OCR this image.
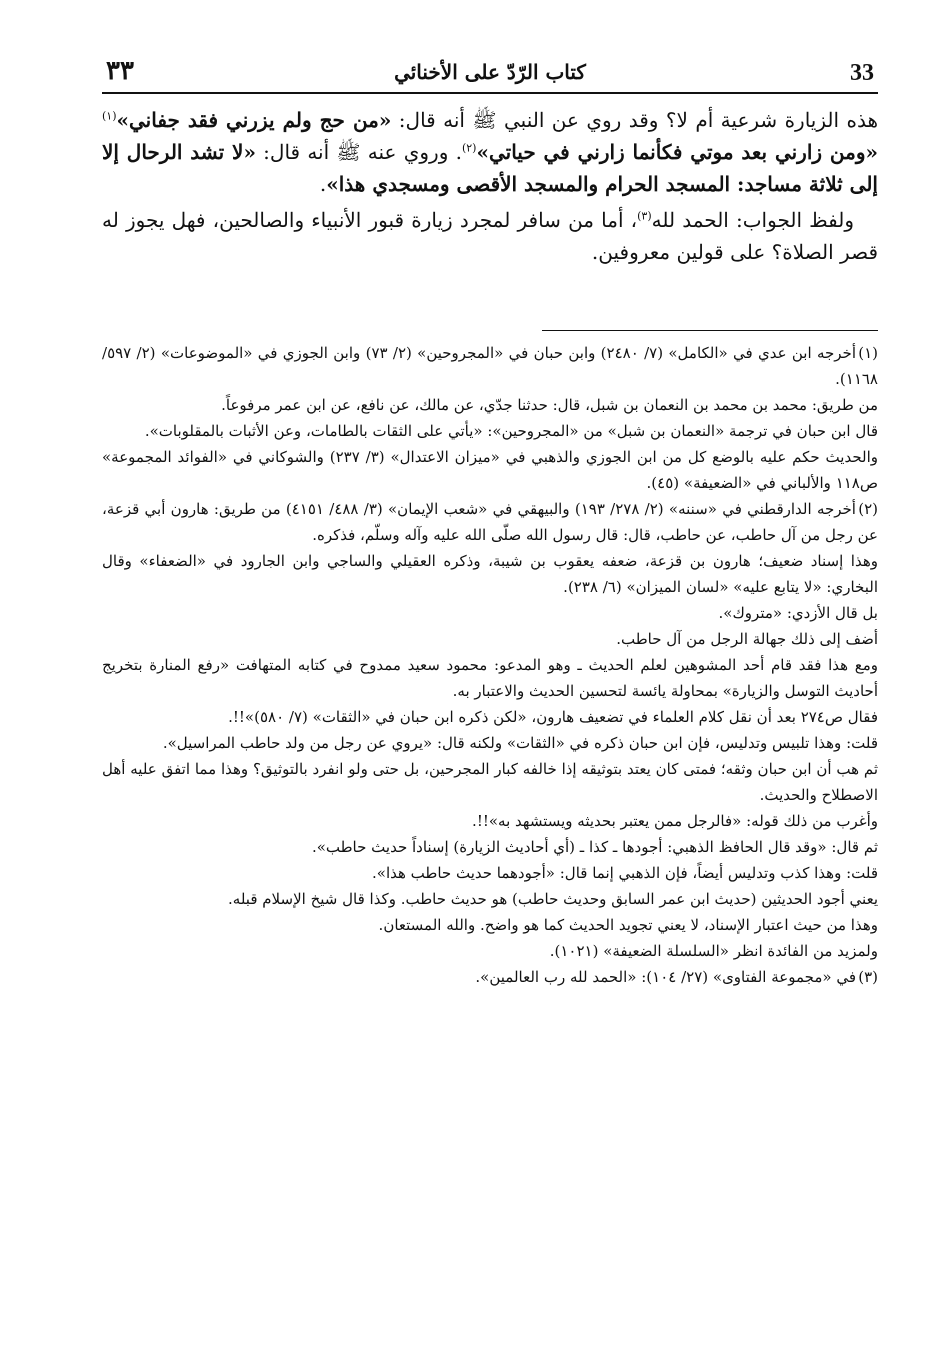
33
كتاب الرّدّ على الأخنائي
٣٣

هذه الزيارة شرعية أم لا؟ وقد روي عن النبي ﷺ أنه قال: «من حج ولم يزرني فقد جفاني»$^{(١)}$ «ومن زارني بعد موتي فكأنما زارني في حياتي»$^{(٢)}$. وروي عنه ﷺ أنه قال: «لا تشد الرحال إلا إلى ثلاثة مساجد: المسجد الحرام والمسجد الأقصى ومسجدي هذا».

ولفظ الجواب: الحمد لله$^{(٣)}$، أما من سافر لمجرد زيارة قبور الأنبياء والصالحين، فهل يجوز له قصر الصلاة؟ على قولين معروفين.

(١)أخرجه ابن عدي في «الكامل» (٧/ ٢٤٨٠) وابن حبان في «المجروحين» (٢/ ٧٣) وابن الجوزي في «الموضوعات» (٢/ ٥٩٧/ ١١٦٨).

من طريق: محمد بن محمد بن النعمان بن شبل، قال: حدثنا جدّي، عن مالك، عن نافع، عن ابن عمر مرفوعاً.

قال ابن حبان في ترجمة «النعمان بن شبل» من «المجروحين»: «يأتي على الثقات بالطامات، وعن الأثبات بالمقلوبات».

والحديث حكم عليه بالوضع كل من ابن الجوزي والذهبي في «ميزان الاعتدال» (٣/ ٢٣٧) والشوكاني في «الفوائد المجموعة» ص١١٨ والألباني في «الضعيفة» (٤٥).

(٢)أخرجه الدارقطني في «سننه» (٢/ ٢٧٨/ ١٩٣) والبيهقي في «شعب الإيمان» (٣/ ٤٨٨/ ٤١٥١) من طريق: هارون أبي قزعة، عن رجل من آل حاطب، عن حاطب، قال: قال رسول الله صلّى الله عليه وآله وسلّم، فذكره.

وهذا إسناد ضعيف؛ هارون بن قزعة، ضعفه يعقوب بن شيبة، وذكره العقيلي والساجي وابن الجارود في «الضعفاء» وقال البخاري: «لا يتابع عليه» «لسان الميزان» (٦/ ٢٣٨).

بل قال الأزدي: «متروك».

أضف إلى ذلك جهالة الرجل من آل حاطب.

ومع هذا فقد قام أحد المشوهين لعلم الحديث ـ وهو المدعو: محمود سعيد ممدوح في كتابه المتهافت «رفع المنارة بتخريج أحاديث التوسل والزيارة» بمحاولة يائسة لتحسين الحديث والاعتبار به.

فقال ص٢٧٤ بعد أن نقل كلام العلماء في تضعيف هارون، «لكن ذكره ابن حبان في «الثقات» (٧/ ٥٨٠)»!!.

قلت: وهذا تلبيس وتدليس، فإن ابن حبان ذكره في «الثقات» ولكنه قال: «يروي عن رجل من ولد حاطب المراسيل».

ثم هب أن ابن حبان وثقه؛ فمتى كان يعتد بتوثيقه إذا خالفه كبار المجرحين، بل حتى ولو انفرد بالتوثيق؟ وهذا مما اتفق عليه أهل الاصطلاح والحديث.

وأغرب من ذلك قوله: «فالرجل ممن يعتبر بحديثه ويستشهد به»!!.

ثم قال: «وقد قال الحافظ الذهبي: أجودها ـ كذا ـ (أي أحاديث الزيارة) إسناداً حديث حاطب».

قلت: وهذا كذب وتدليس أيضاً، فإن الذهبي إنما قال: «أجودهما حديث حاطب هذا».

يعني أجود الحديثين (حديث ابن عمر السابق وحديث حاطب) هو حديث حاطب. وكذا قال شيخ الإسلام قبله.

وهذا من حيث اعتبار الإسناد، لا يعني تجويد الحديث كما هو واضح. والله المستعان.

ولمزيد من الفائدة انظر «السلسلة الضعيفة» (١٠٢١).

(٣)في «مجموعة الفتاوى» (٢٧/ ١٠٤): «الحمد لله رب العالمين».
